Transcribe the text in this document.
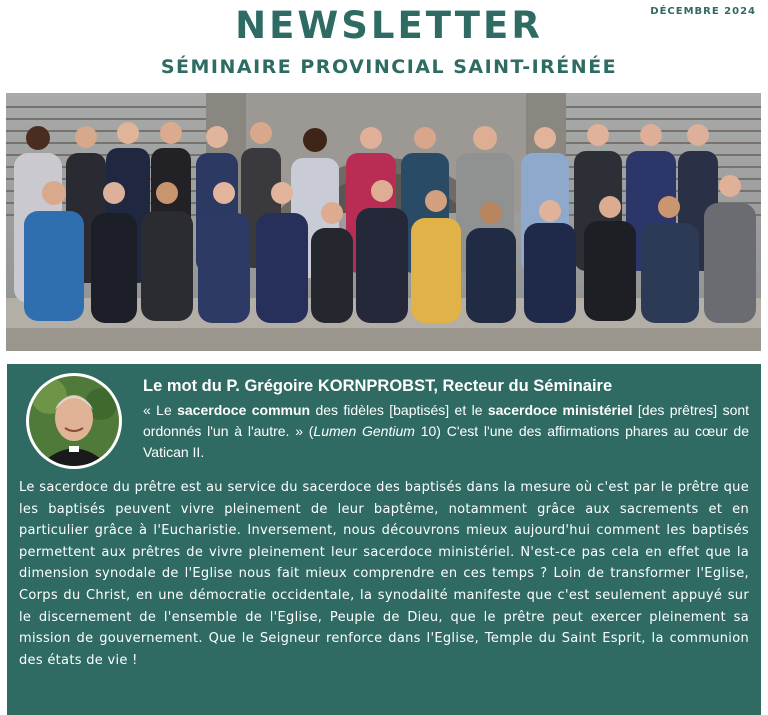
DÉCEMBRE 2024
NEWSLETTER
SÉMINAIRE PROVINCIAL SAINT-IRÉNÉE
Le mot du P. Grégoire KORNPROBST, Recteur du Séminaire
« Le sacerdoce commun des fidèles [baptisés] et le sacerdoce ministériel [des prêtres] sont ordonnés l'un à l'autre. » (Lumen Gentium 10) C'est l'une des affirmations phares au cœur de Vatican II.
Le sacerdoce du prêtre est au service du sacerdoce des baptisés dans la mesure où c'est par le prêtre que les baptisés peuvent vivre pleinement de leur baptême, notamment grâce aux sacrements et en particulier grâce à l'Eucharistie. Inversement, nous découvrons mieux aujourd'hui comment les baptisés permettent aux prêtres de vivre pleinement leur sacerdoce ministériel. N'est-ce pas cela en effet que la dimension synodale de l'Eglise nous fait mieux comprendre en ces temps ? Loin de transformer l'Eglise, Corps du Christ, en une démocratie occidentale, la synodalité manifeste que c'est seulement appuyé sur le discernement de l'ensemble de l'Eglise, Peuple de Dieu, que le prêtre peut exercer pleinement sa mission de gouvernement. Que le Seigneur renforce dans l'Eglise, Temple du Saint Esprit, la communion des états de vie !
